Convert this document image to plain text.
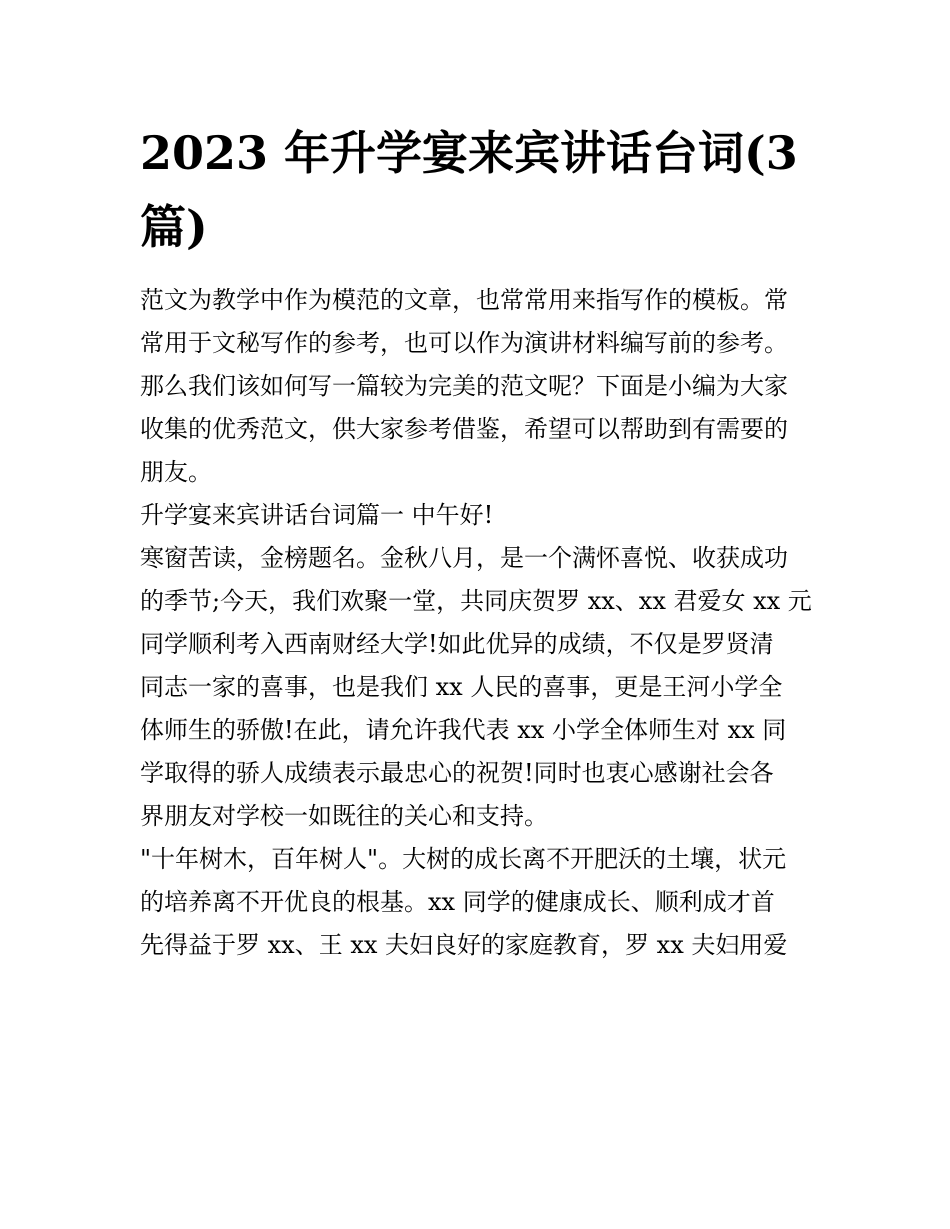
2023 年升学宴来宾讲话台词(3
篇)
范文为教学中作为模范的文章，也常常用来指写作的模板。常
常用于文秘写作的参考，也可以作为演讲材料编写前的参考。
那么我们该如何写一篇较为完美的范文呢？下面是小编为大家
收集的优秀范文，供大家参考借鉴，希望可以帮助到有需要的
朋友。
升学宴来宾讲话台词篇一 中午好!
寒窗苦读，金榜题名。金秋八月，是一个满怀喜悦、收获成功
的季节;今天，我们欢聚一堂，共同庆贺罗 xx、xx 君爱女 xx 元
同学顺利考入西南财经大学!如此优异的成绩，不仅是罗贤清
同志一家的喜事，也是我们 xx 人民的喜事，更是王河小学全
体师生的骄傲!在此，请允许我代表 xx 小学全体师生对 xx 同
学取得的骄人成绩表示最忠心的祝贺!同时也衷心感谢社会各
界朋友对学校一如既往的关心和支持。
"十年树木，百年树人"。大树的成长离不开肥沃的土壤，状元
的培养离不开优良的根基。xx 同学的健康成长、顺利成才首
先得益于罗 xx、王 xx 夫妇良好的家庭教育，罗 xx 夫妇用爱
